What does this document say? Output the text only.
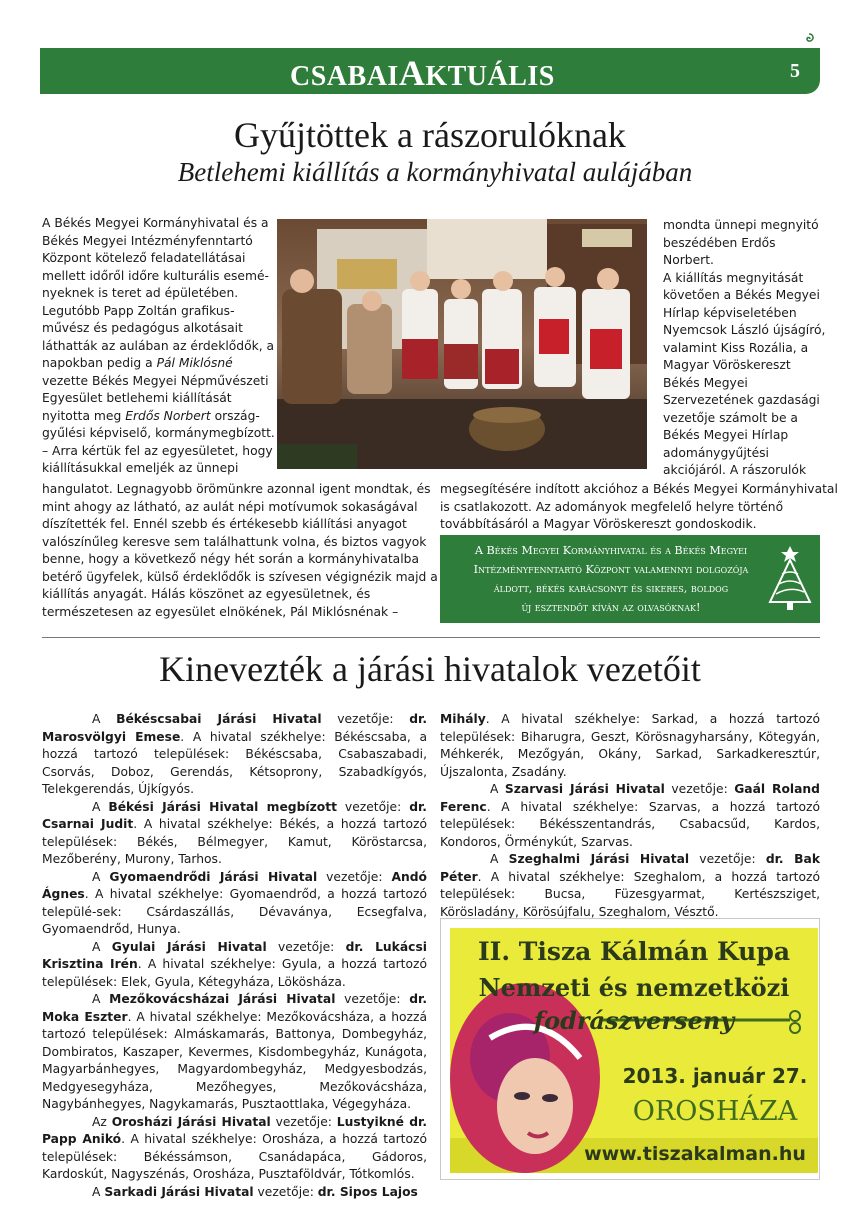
CSABAIAKTUÁLIS	5
Gyűjtöttek a rászorulóknak
Betlehemi kiállítás a kormányhivatal aulájában
A Békés Megyei Kormányhivatal és a
Békés Megyei Intézményfenntartó
Központ kötelező feladatellátásai
mellett időről időre kulturális esemé-
nyeknek is teret ad épületében.
Legutóbb Papp Zoltán grafikus-
művész és pedagógus alkotásait
láthatták az aulában az érdeklődők, a
napokban pedig a Pál Miklósné
vezette Békés Megyei Népművészeti
Egyesület betlehemi kiállítását
nyitotta meg Erdős Norbert ország-
gyűlési képviselő, kormánymegbízott.
– Arra kértük fel az egyesületet, hogy
kiállításukkal emeljék az ünnepi
mondta ünnepi megnyitó
beszédében Erdős
Norbert.
A kiállítás megnyitását
követően a Békés Megyei
Hírlap képviseletében
Nyemcsok László újságíró,
valamint Kiss Rozália, a
Magyar Vöröskereszt
Békés Megyei
Szervezetének gazdasági
vezetője számolt be a
Békés Megyei Hírlap
adománygyűjtési
akciójáról. A rászorulók
hangulatot. Legnagyobb örömünkre azonnal igent mondtak, és
mint ahogy az látható, az aulát népi motívumok sokaságával
díszítették fel. Ennél szebb és értékesebb kiállítási anyagot
valószínűleg keresve sem találhattunk volna, és biztos vagyok
benne, hogy a következő négy hét során a kormányhivatalba
betérő ügyfelek, külső érdeklődők is szívesen végignézik majd a
kiállítás anyagát. Hálás köszönet az egyesületnek, és
természetesen az egyesület elnökének, Pál Miklósnénak –
megsegítésére indított akcióhoz a Békés Megyei Kormányhivatal
is csatlakozott. Az adományok megfelelő helyre történő
továbbításáról a Magyar Vöröskereszt gondoskodik.
A Békés Megyei Kormányhivatal és a Békés Megyei
Intézményfenntartó Központ valamennyi dolgozója
áldott, békés karácsonyt és sikeres, boldog
új esztendőt kíván az olvasóknak!
Kinevezték a járási hivatalok vezetőit

A Békéscsabai Járási Hivatal vezetője: dr. Marosvölgyi Emese. A hivatal székhelye: Békéscsaba, a hozzá tartozó települések: Békéscsaba, Csabaszabadi, Csorvás, Doboz, Gerendás, Kétsoprony, Szabadkígyós, Telekgerendás, Újkígyós.

A Békési Járási Hivatal megbízott vezetője: dr. Csarnai Judit. A hivatal székhelye: Békés, a hozzá tartozó települések: Békés, Bélmegyer, Kamut, Köröstarcsa, Mezőberény, Murony, Tarhos.

A Gyomaendrődi Járási Hivatal vezetője: Andó Ágnes. A hivatal székhelye: Gyomaendrőd, a hozzá tartozó települé-sek: Csárdaszállás, Dévaványa, Ecsegfalva, Gyomaendrőd, Hunya.

A Gyulai Járási Hivatal vezetője: dr. Lukácsi Krisztina Irén. A hivatal székhelye: Gyula, a hozzá tartozó települések: Elek, Gyula, Kétegyháza, Lökösháza.

A Mezőkovácsházai Járási Hivatal vezetője: dr. Moka Eszter. A hivatal székhelye: Mezőkovácsháza, a hozzá tartozó települések: Almáskamarás, Battonya, Dombegyház, Dombiratos, Kaszaper, Kevermes, Kisdombegyház, Kunágota, Magyarbánhegyes, Magyardombegyház, Medgyesbodzás, Medgyesegyháza, Mezőhegyes, Mezőkovácsháza, Nagybánhegyes, Nagykamarás, Pusztaottlaka, Végegyháza.

Az Orosházi Járási Hivatal vezetője: Lustyikné dr. Papp Anikó. A hivatal székhelye: Orosháza, a hozzá tartozó települések: Békéssámson, Csanádapáca, Gádoros, Kardoskút, Nagyszénás, Orosháza, Pusztaföldvár, Tótkomlós.

A Sarkadi Járási Hivatal vezetője: dr. Sipos Lajos

Mihály. A hivatal székhelye: Sarkad, a hozzá tartozó települések: Biharugra, Geszt, Körösnagyharsány, Kötegyán, Méhkerék, Mezőgyán, Okány, Sarkad, Sarkadkeresztúr, Újszalonta, Zsadány.

A Szarvasi Járási Hivatal vezetője: Gaál Roland Ferenc. A hivatal székhelye: Szarvas, a hozzá tartozó települések: Békésszentandrás, Csabacsűd, Kardos, Kondoros, Örménykút, Szarvas.

A Szeghalmi Járási Hivatal vezetője: dr. Bak Péter. A hivatal székhelye: Szeghalom, a hozzá tartozó települések: Bucsa, Füzesgyarmat, Kertészsziget, Körösladány, Körösújfalu, Szeghalom, Vésztő.

II. Tisza Kálmán Kupa
Nemzeti és nemzetközi
fodrászverseny
2013. január 27.
OROSHÁZA
www.tiszakalman.hu
